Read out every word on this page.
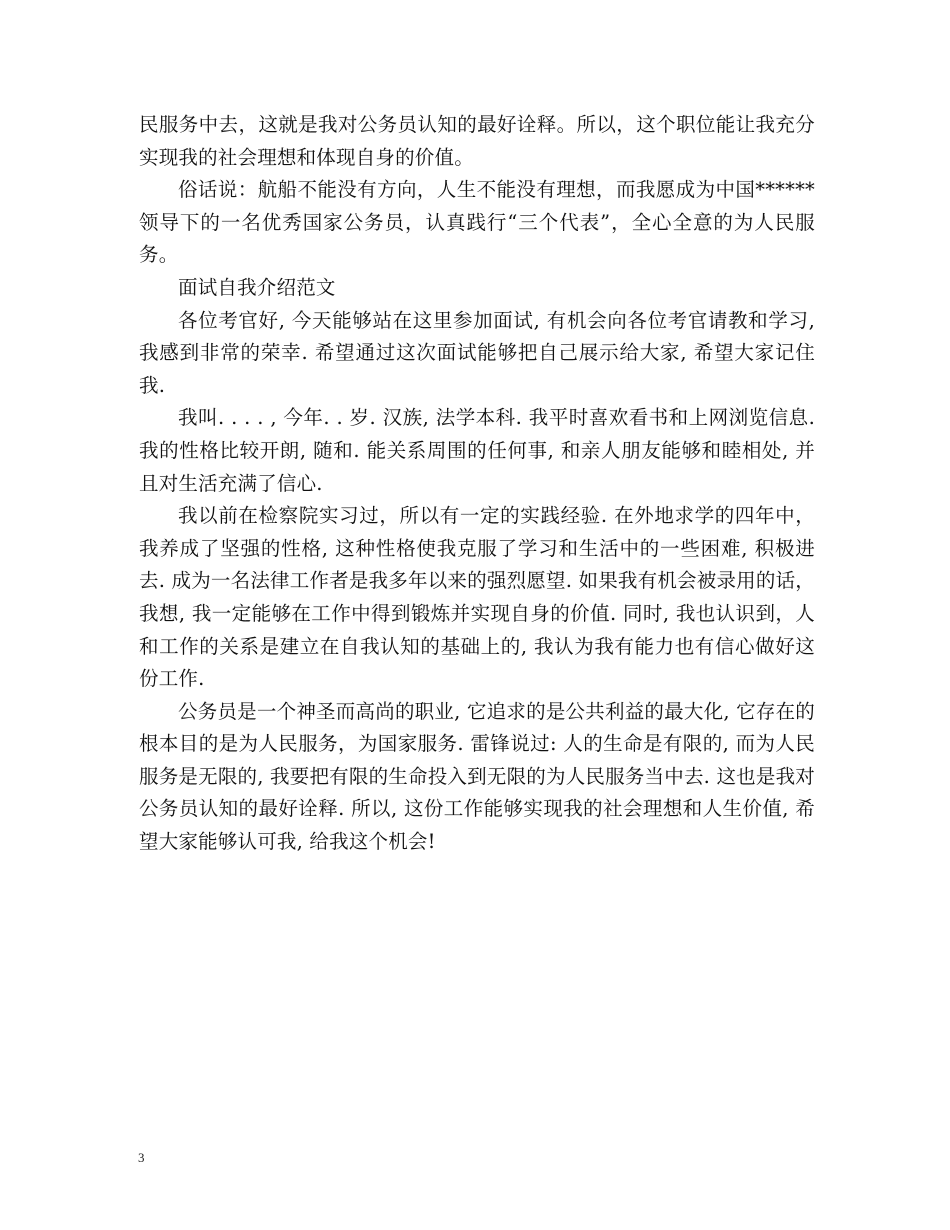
民服务中去，这就是我对公务员认知的最好诠释。所以，这个职位能让我充分实现我的社会理想和体现自身的价值。

俗话说：航船不能没有方向，人生不能没有理想，而我愿成为中国******领导下的一名优秀国家公务员，认真践行“三个代表”，全心全意的为人民服务。

面试自我介绍范文

各位考官好, 今天能够站在这里参加面试, 有机会向各位考官请教和学习, 我感到非常的荣幸. 希望通过这次面试能够把自己展示给大家, 希望大家记住我.

我叫. . . . , 今年. . 岁. 汉族, 法学本科. 我平时喜欢看书和上网浏览信息. 我的性格比较开朗, 随和. 能关系周围的任何事, 和亲人朋友能够和睦相处, 并且对生活充满了信心.

我以前在检察院实习过，所以有一定的实践经验. 在外地求学的四年中，我养成了坚强的性格, 这种性格使我克服了学习和生活中的一些困难, 积极进去. 成为一名法律工作者是我多年以来的强烈愿望. 如果我有机会被录用的话，我想, 我一定能够在工作中得到锻炼并实现自身的价值. 同时, 我也认识到，人和工作的关系是建立在自我认知的基础上的, 我认为我有能力也有信心做好这份工作.

公务员是一个神圣而高尚的职业, 它追求的是公共利益的最大化, 它存在的根本目的是为人民服务，为国家服务. 雷锋说过: 人的生命是有限的, 而为人民服务是无限的, 我要把有限的生命投入到无限的为人民服务当中去. 这也是我对公务员认知的最好诠释. 所以, 这份工作能够实现我的社会理想和人生价值, 希望大家能够认可我, 给我这个机会!

3
